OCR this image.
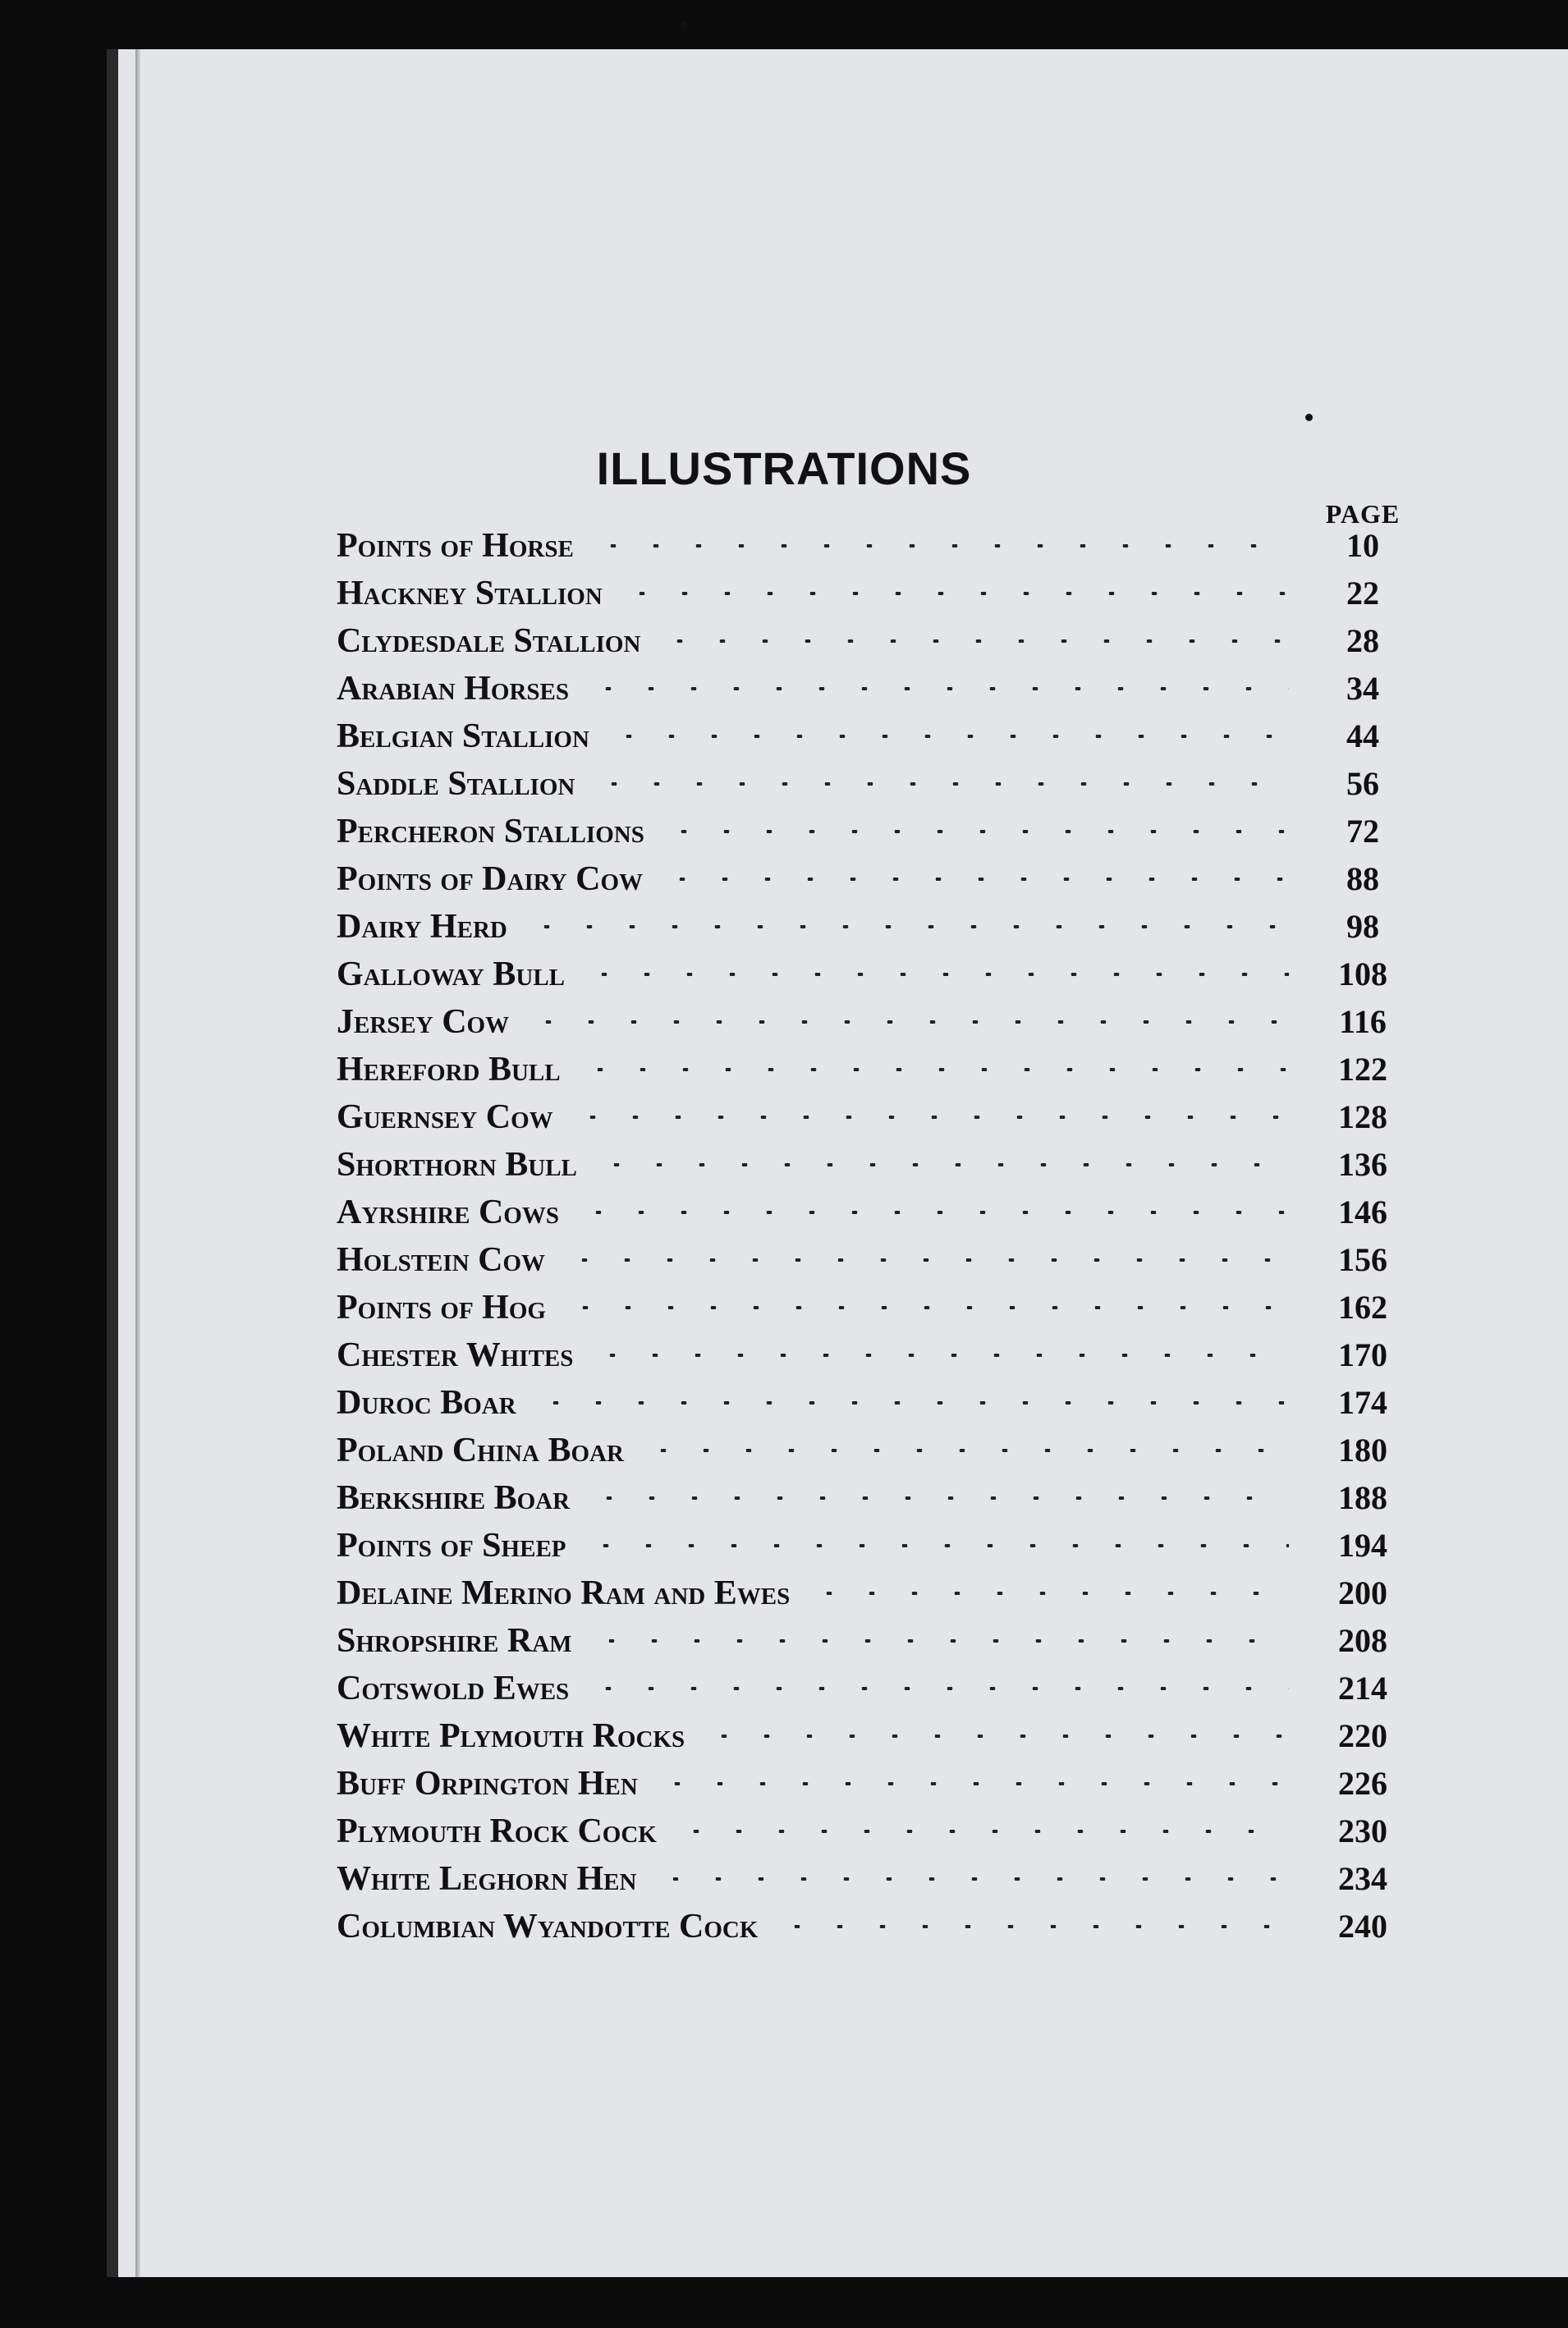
ILLUSTRATIONS
PAGE
Points of Horse	10
Hackney Stallion	22
Clydesdale Stallion	28
Arabian Horses	34
Belgian Stallion	44
Saddle Stallion	56
Percheron Stallions	72
Points of Dairy Cow	88
Dairy Herd	98
Galloway Bull	108
Jersey Cow	116
Hereford Bull	122
Guernsey Cow	128
Shorthorn Bull	136
Ayrshire Cows	146
Holstein Cow	156
Points of Hog	162
Chester Whites	170
Duroc Boar	174
Poland China Boar	180
Berkshire Boar	188
Points of Sheep	194
Delaine Merino Ram and Ewes	200
Shropshire Ram	208
Cotswold Ewes	214
White Plymouth Rocks	220
Buff Orpington Hen	226
Plymouth Rock Cock	230
White Leghorn Hen	234
Columbian Wyandotte Cock	240
